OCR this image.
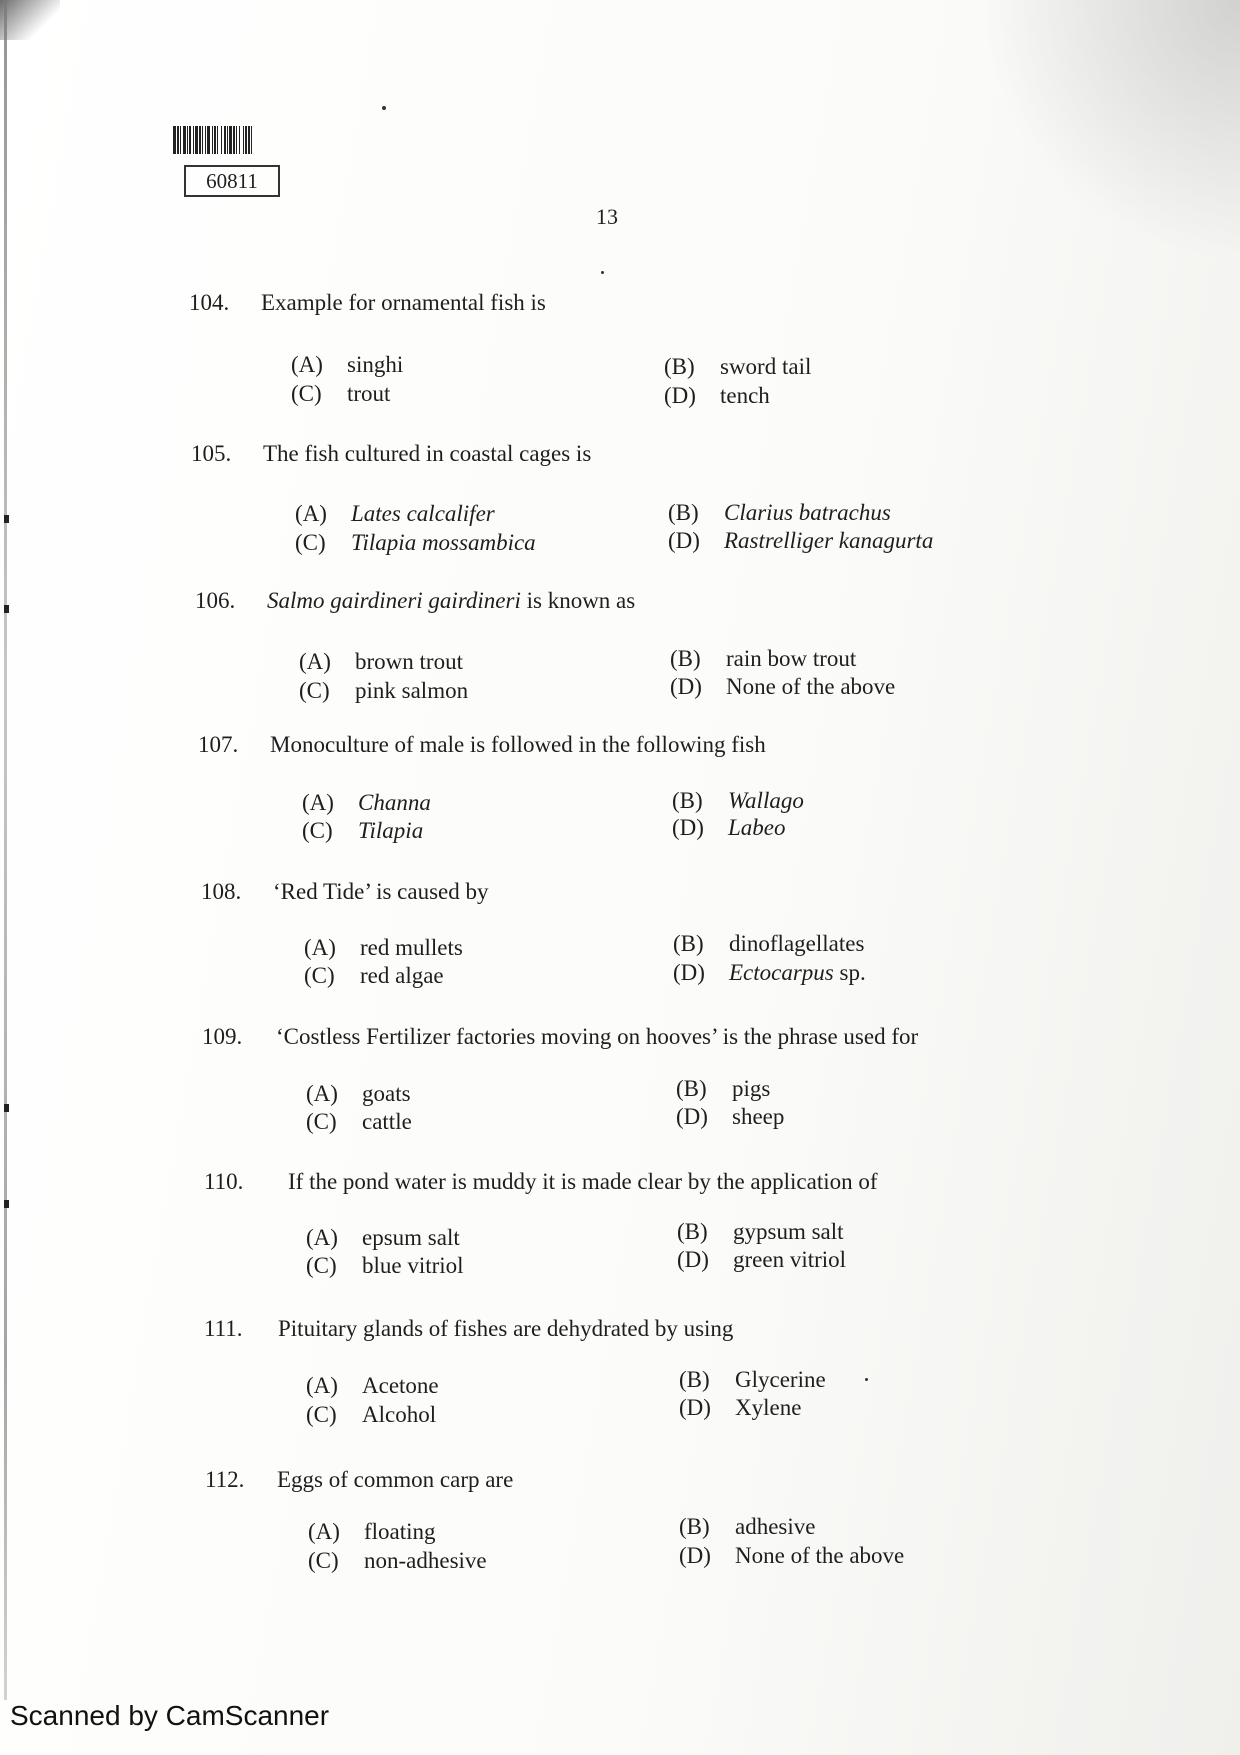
60811
13
104. Example for ornamental fish is
(A) singhi	(B) sword tail
(C) trout	(D) tench
105. The fish cultured in coastal cages is
(A) Lates calcalifer	(B) Clarius batrachus
(C) Tilapia mossambica	(D) Rastrelliger kanagurta
106. Salmo gairdineri gairdineri is known as
(A) brown trout	(B) rain bow trout
(C) pink salmon	(D) None of the above
107. Monoculture of male is followed in the following fish
(A) Channa	(B) Wallago
(C) Tilapia	(D) Labeo
108. ‘Red Tide’ is caused by
(A) red mullets	(B) dinoflagellates
(C) red algae	(D) Ectocarpus sp.
109. ‘Costless Fertilizer factories moving on hooves’ is the phrase used for
(A) goats	(B) pigs
(C) cattle	(D) sheep
110. If the pond water is muddy it is made clear by the application of
(A) epsum salt	(B) gypsum salt
(C) blue vitriol	(D) green vitriol
111. Pituitary glands of fishes are dehydrated by using
(A) Acetone	(B) Glycerine
(C) Alcohol	(D) Xylene
112. Eggs of common carp are
(A) floating	(B) adhesive
(C) non-adhesive	(D) None of the above
Scanned by CamScanner
